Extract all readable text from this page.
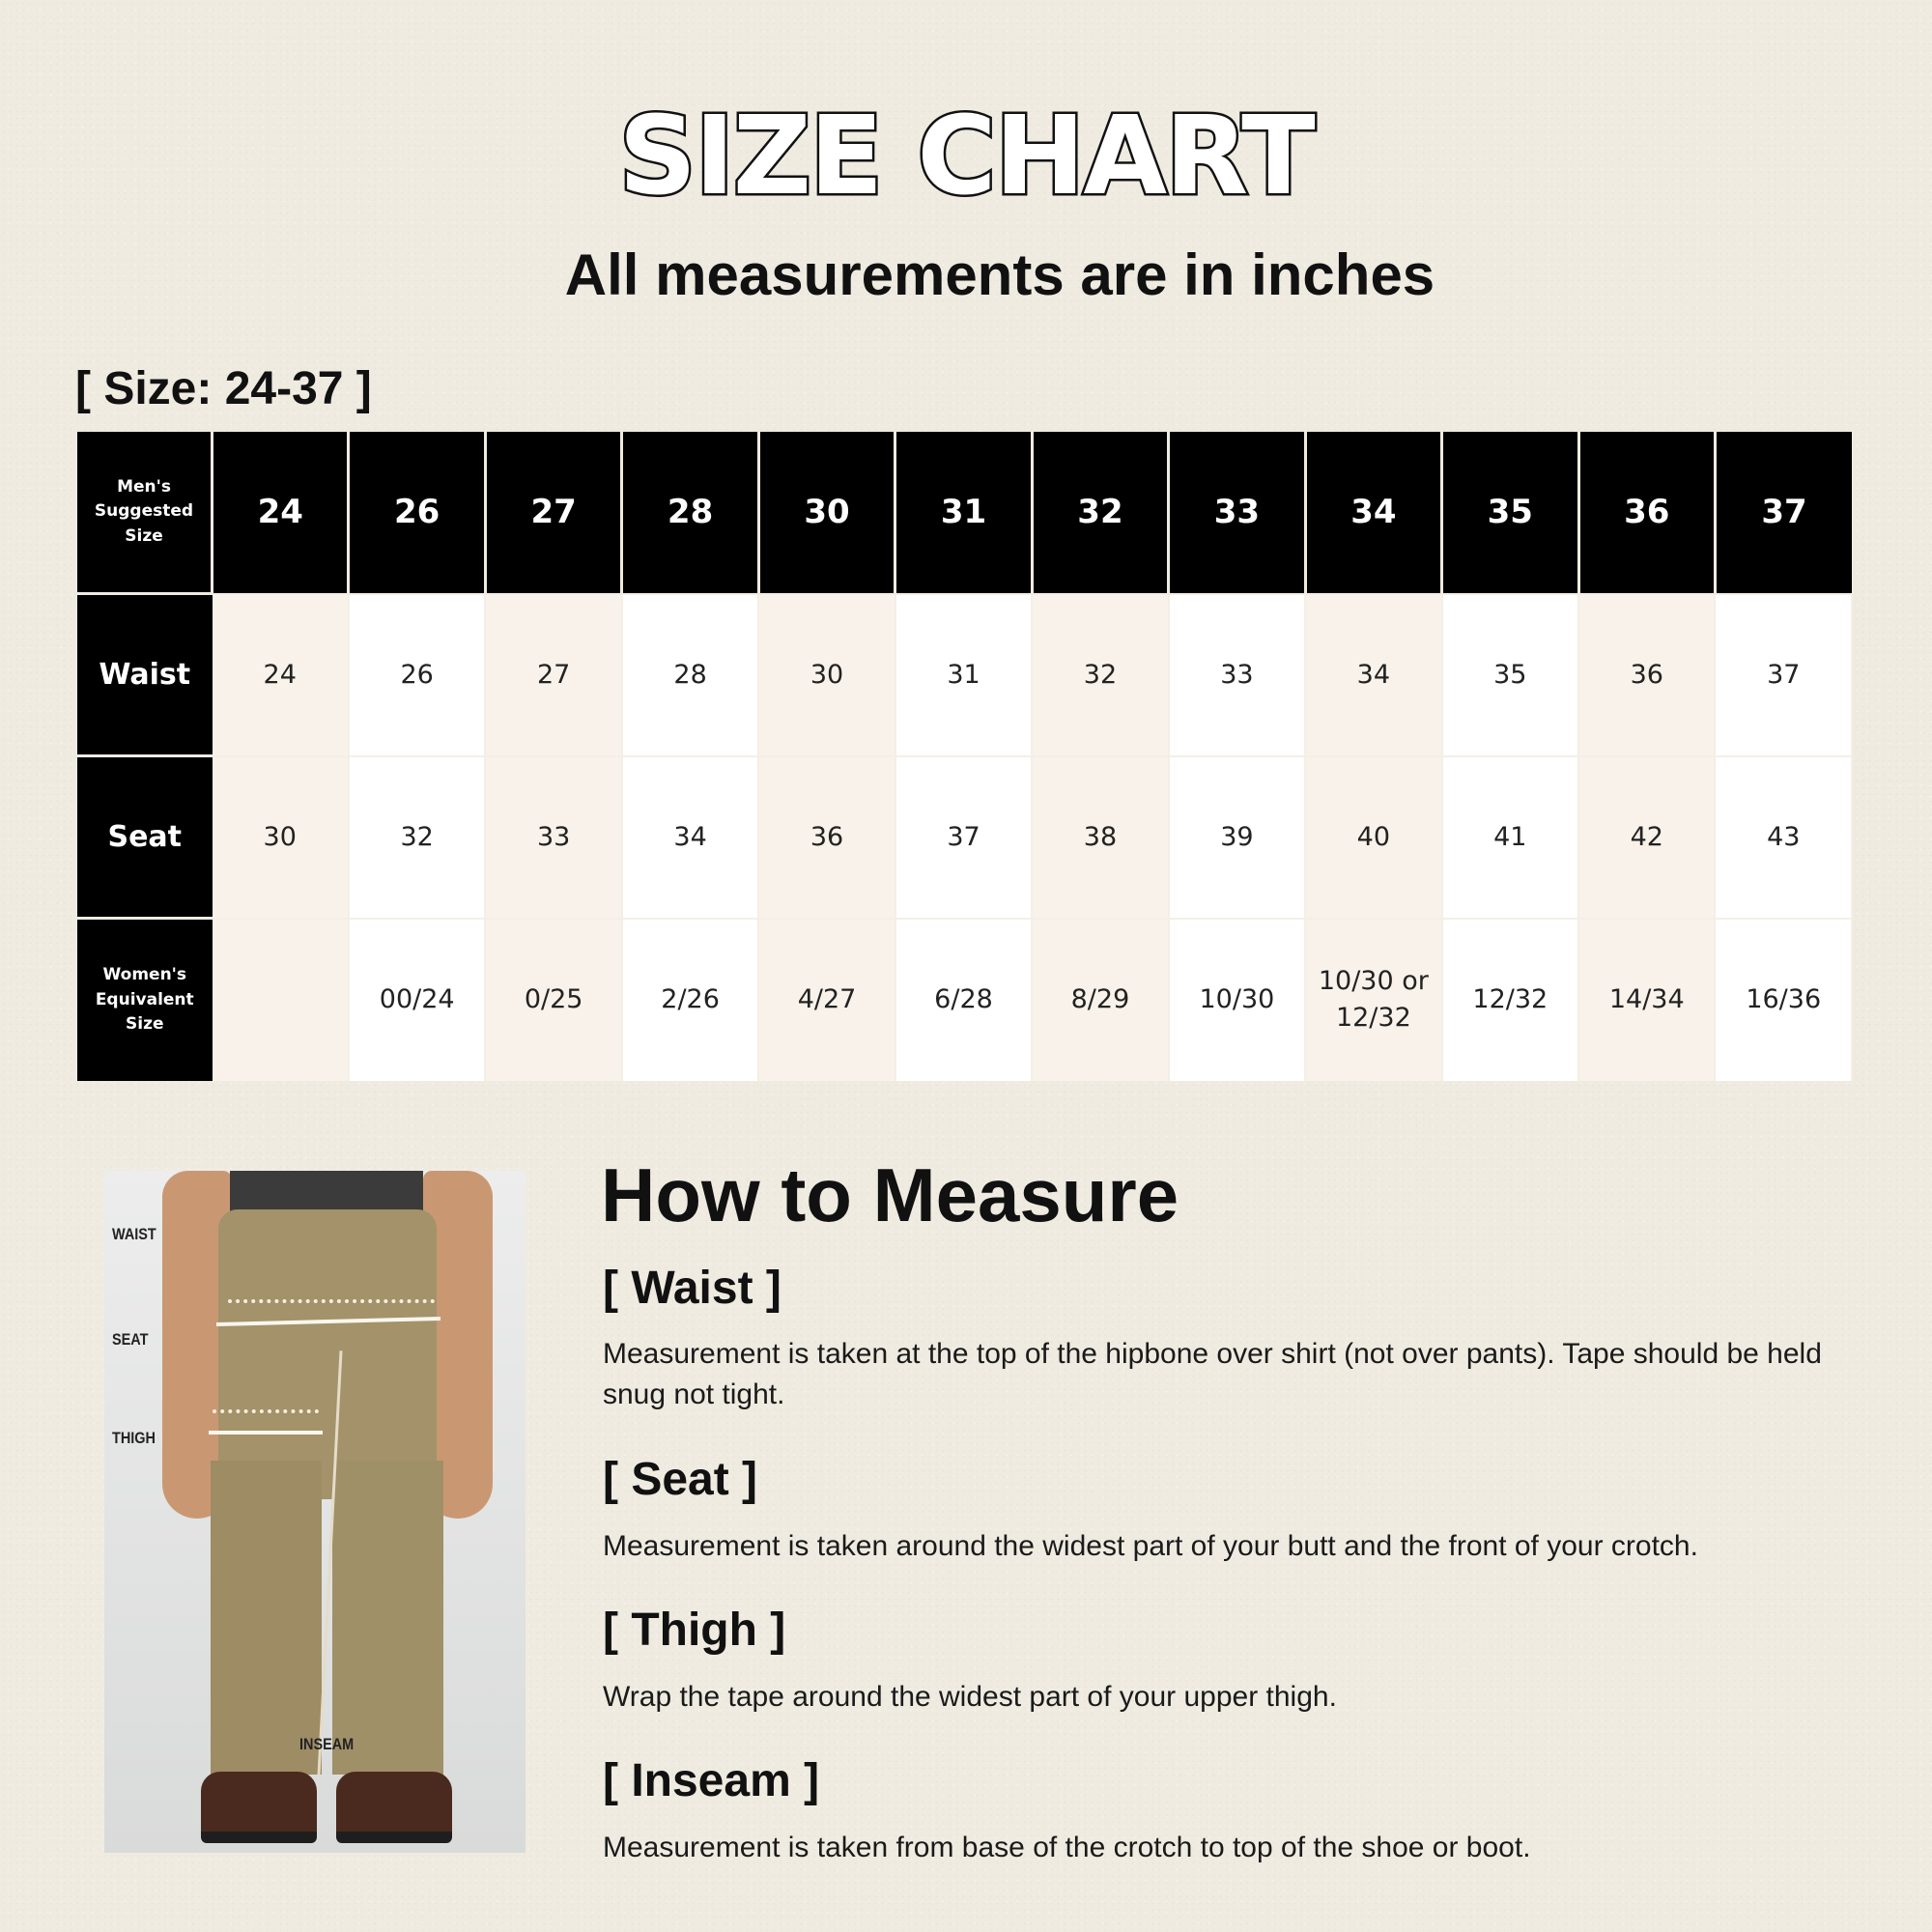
SIZE CHART

All measurements are in inches

[ Size: 24-37 ]

Men's Suggested Size	24	26	27	28	30	31	32	33	34	35	36	37
Waist	24	26	27	28	30	31	32	33	34	35	36	37
Seat	30	32	33	34	36	37	38	39	40	41	42	43
Women's Equivalent Size		00/24	0/25	2/26	4/27	6/28	8/29	10/30	10/30 or 12/32	12/32	14/34	16/36
WAIST
SEAT
THIGH
INSEAM
How to Measure
[ Waist ]

Measurement is taken at the top of the hipbone over shirt (not over pants). Tape should be held snug not tight.

[ Seat ]

Measurement is taken around the widest part of your butt and the front of your crotch.

[ Thigh ]

Wrap the tape around the widest part of your upper thigh.

[ Inseam ]

Measurement is taken from base of the crotch to top of the shoe or boot.
